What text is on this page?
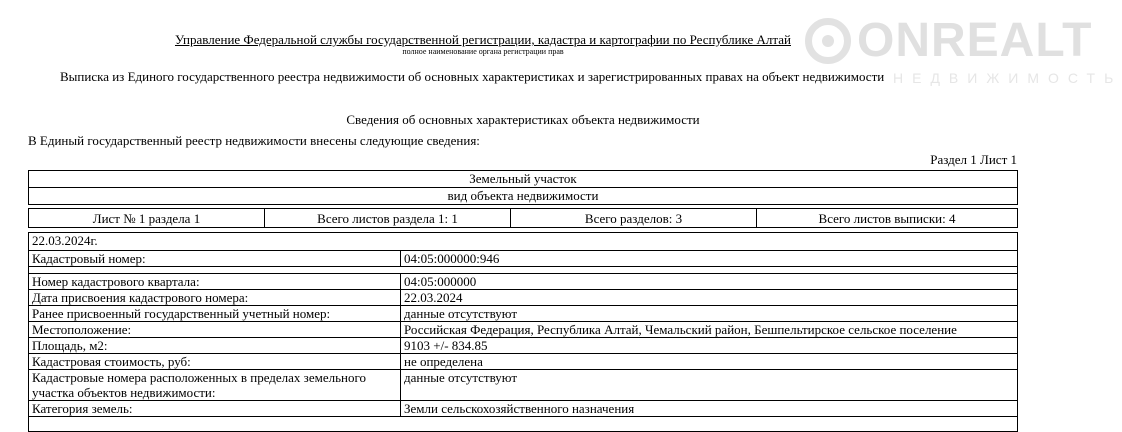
ONREALT
НЕДВИЖИМОСТЬ
Управление Федеральной службы государственной регистрации, кадастра и картографии по Республике Алтай
полное наименование органа регистрации прав
Выписка из Единого государственного реестра недвижимости об основных характеристиках и зарегистрированных правах на объект недвижимости
Сведения об основных характеристиках объекта недвижимости
В Единый государственный реестр недвижимости внесены следующие сведения:
Раздел 1 Лист 1
Земельный участок
вид объекта недвижимости
Лист № 1 раздела 1	Всего листов раздела 1: 1	Всего разделов: 3	Всего листов выписки: 4
22.03.2024г.
Кадастровый номер:	04:05:000000:946
Номер кадастрового квартала:	04:05:000000
Дата присвоения кадастрового номера:	22.03.2024
Ранее присвоенный государственный учетный номер:	данные отсутствуют
Местоположение:	Российская Федерация, Республика Алтай, Чемальский район, Бешпельтирское сельское поселение
Площадь, м2:	9103 +/- 834.85
Кадастровая стоимость, руб:	не определена
Кадастровые номера расположенных в пределах земельного участка объектов недвижимости:
данные отсутствуют
Категория земель:	Земли сельскохозяйственного назначения
